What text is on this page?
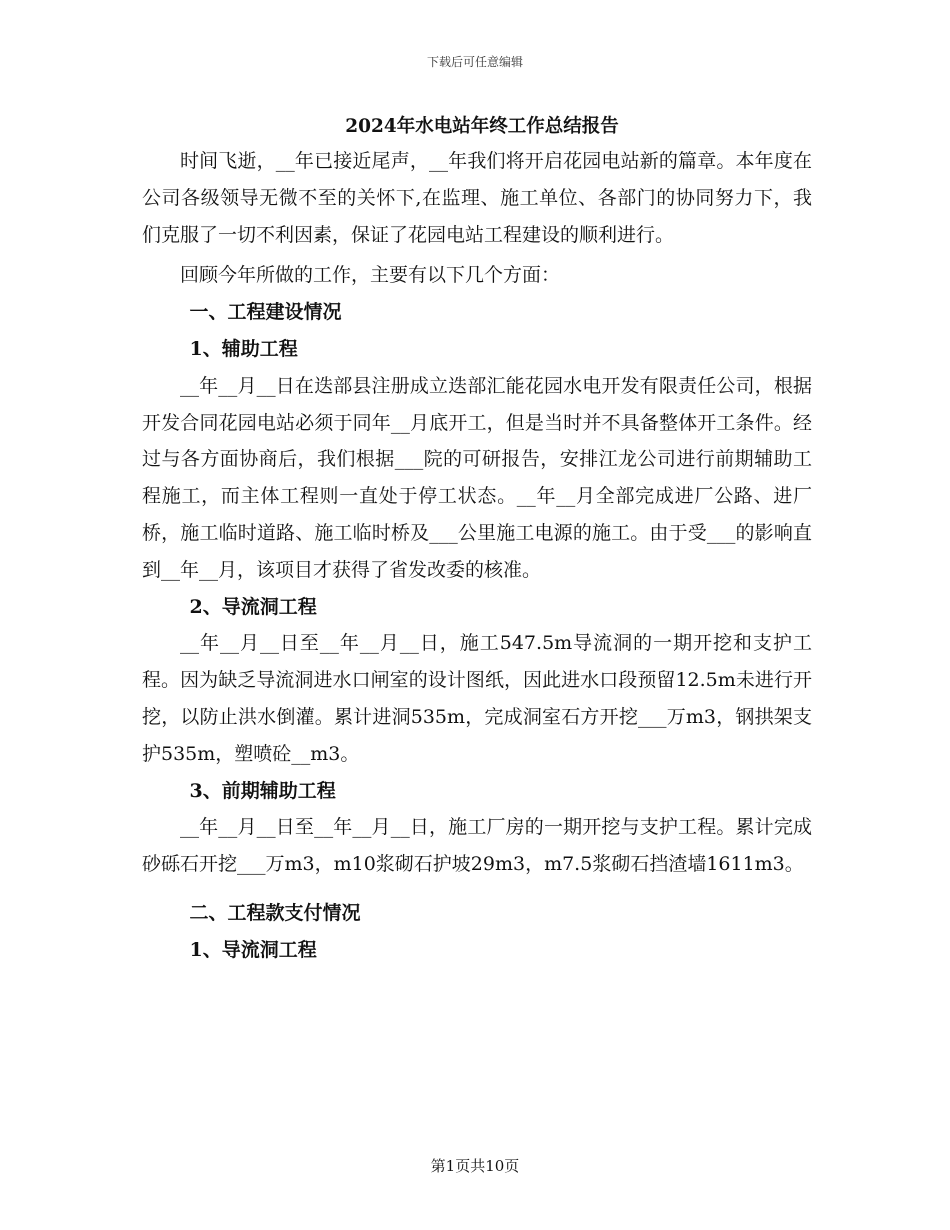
下载后可任意编辑
2024年水电站年终工作总结报告

时间飞逝，__年已接近尾声，__年我们将开启花园电站新的篇章。本年度在公司各级领导无微不至的关怀下,在监理、施工单位、各部门的协同努力下，我们克服了一切不利因素，保证了花园电站工程建设的顺利进行。

回顾今年所做的工作，主要有以下几个方面：

一、工程建设情况

1、辅助工程

__年__月__日在迭部县注册成立迭部汇能花园水电开发有限责任公司，根据开发合同花园电站必须于同年__月底开工，但是当时并不具备整体开工条件。经过与各方面协商后，我们根据___院的可研报告，安排江龙公司进行前期辅助工程施工，而主体工程则一直处于停工状态。__年__月全部完成进厂公路、进厂桥，施工临时道路、施工临时桥及___公里施工电源的施工。由于受___的影响直到__年__月，该项目才获得了省发改委的核准。

2、导流洞工程

__年__月__日至__年__月__日，施工547.5m导流洞的一期开挖和支护工程。因为缺乏导流洞进水口闸室的设计图纸，因此进水口段预留12.5m未进行开挖，以防止洪水倒灌。累计进洞535m，完成洞室石方开挖___万m3，钢拱架支护535m，塑喷砼__m3。

3、前期辅助工程

__年__月__日至__年__月__日，施工厂房的一期开挖与支护工程。累计完成砂砾石开挖___万m3，m10浆砌石护坡29m3，m7.5浆砌石挡渣墙1611m3。

二、工程款支付情况

1、导流洞工程

第1页共10页
